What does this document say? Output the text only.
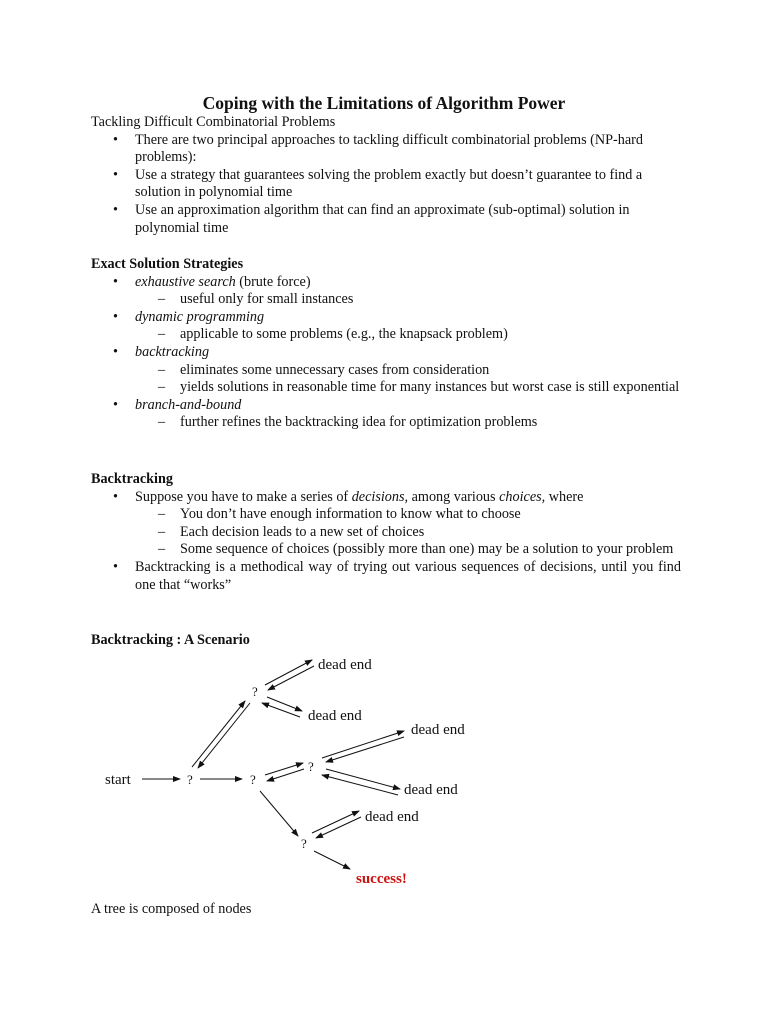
Coping with the Limitations of Algorithm Power

Tackling Difficult Combinatorial Problems

• There are two principal approaches to tackling difficult combinatorial problems (NP-hard problems):
• Use a strategy that guarantees solving the problem exactly but doesn’t guarantee to find a solution in polynomial time
• Use an approximation algorithm that can find an approximate (sub-optimal) solution in polynomial time

Exact Solution Strategies

• exhaustive search (brute force)
– useful only for small instances
• dynamic programming
– applicable to some problems (e.g., the knapsack problem)
• backtracking
– eliminates some unnecessary cases from consideration
– yields solutions in reasonable time for many instances but worst case is still exponential
• branch-and-bound
– further refines the backtracking idea for optimization problems

Backtracking

• Suppose you have to make a series of decisions, among various choices, where
– You don’t have enough information to know what to choose
– Each decision leads to a new set of choices
– Some sequence of choices (possibly more than one) may be a solution to your problem
• Backtracking is a methodical way of trying out various sequences of decisions, until you find one that “works”

Backtracking : A Scenario

start	?	?
?
?
?
dead end
dead end
dead end
dead end
dead end
success!

A tree is composed of nodes
